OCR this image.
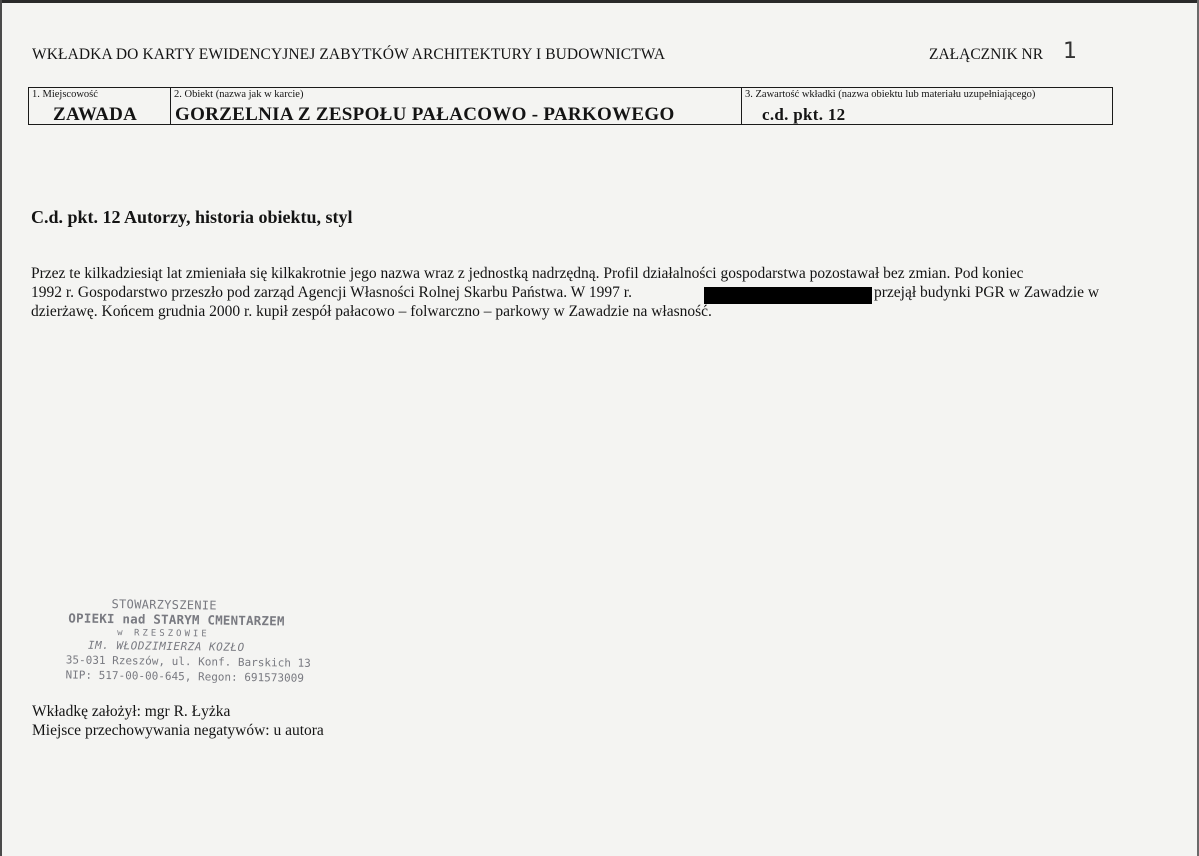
WKŁADKA DO KARTY EWIDENCYJNEJ ZABYTKÓW ARCHITEKTURY I BUDOWNICTWA	ZAŁĄCZNIK NR 1
1. Miejscowość
ZAWADA
2. Obiekt (nazwa jak w karcie)
GORZELNIA Z ZESPOŁU PAŁACOWO - PARKOWEGO
3. Zawartość wkładki (nazwa obiektu lub materiału uzupełniającego)
c.d. pkt. 12
C.d. pkt. 12 Autorzy, historia obiektu, styl
Przez te kilkadziesiąt lat zmieniała się kilkakrotnie jego nazwa wraz z jednostką nadrzędną. Profil działalności gospodarstwa pozostawał bez zmian. Pod koniec
1992 r. Gospodarstwo przeszło pod zarząd Agencji Własności Rolnej Skarbu Państwa. W 1997 r.	przejął budynki PGR w Zawadzie w
dzierżawę. Końcem grudnia 2000 r. kupił zespół pałacowo – folwarczno – parkowy w Zawadzie na własność.
STOWARZYSZENIE
OPIEKI nad STARYM CMENTARZEM
w RZESZOWIE
IM. WŁODZIMIERZA KOZŁO
35-031 Rzeszów, ul. Konf. Barskich 13
NIP: 517-00-00-645, Regon: 691573009
Wkładkę założył: mgr R. Łyżka
Miejsce przechowywania negatywów: u autora
